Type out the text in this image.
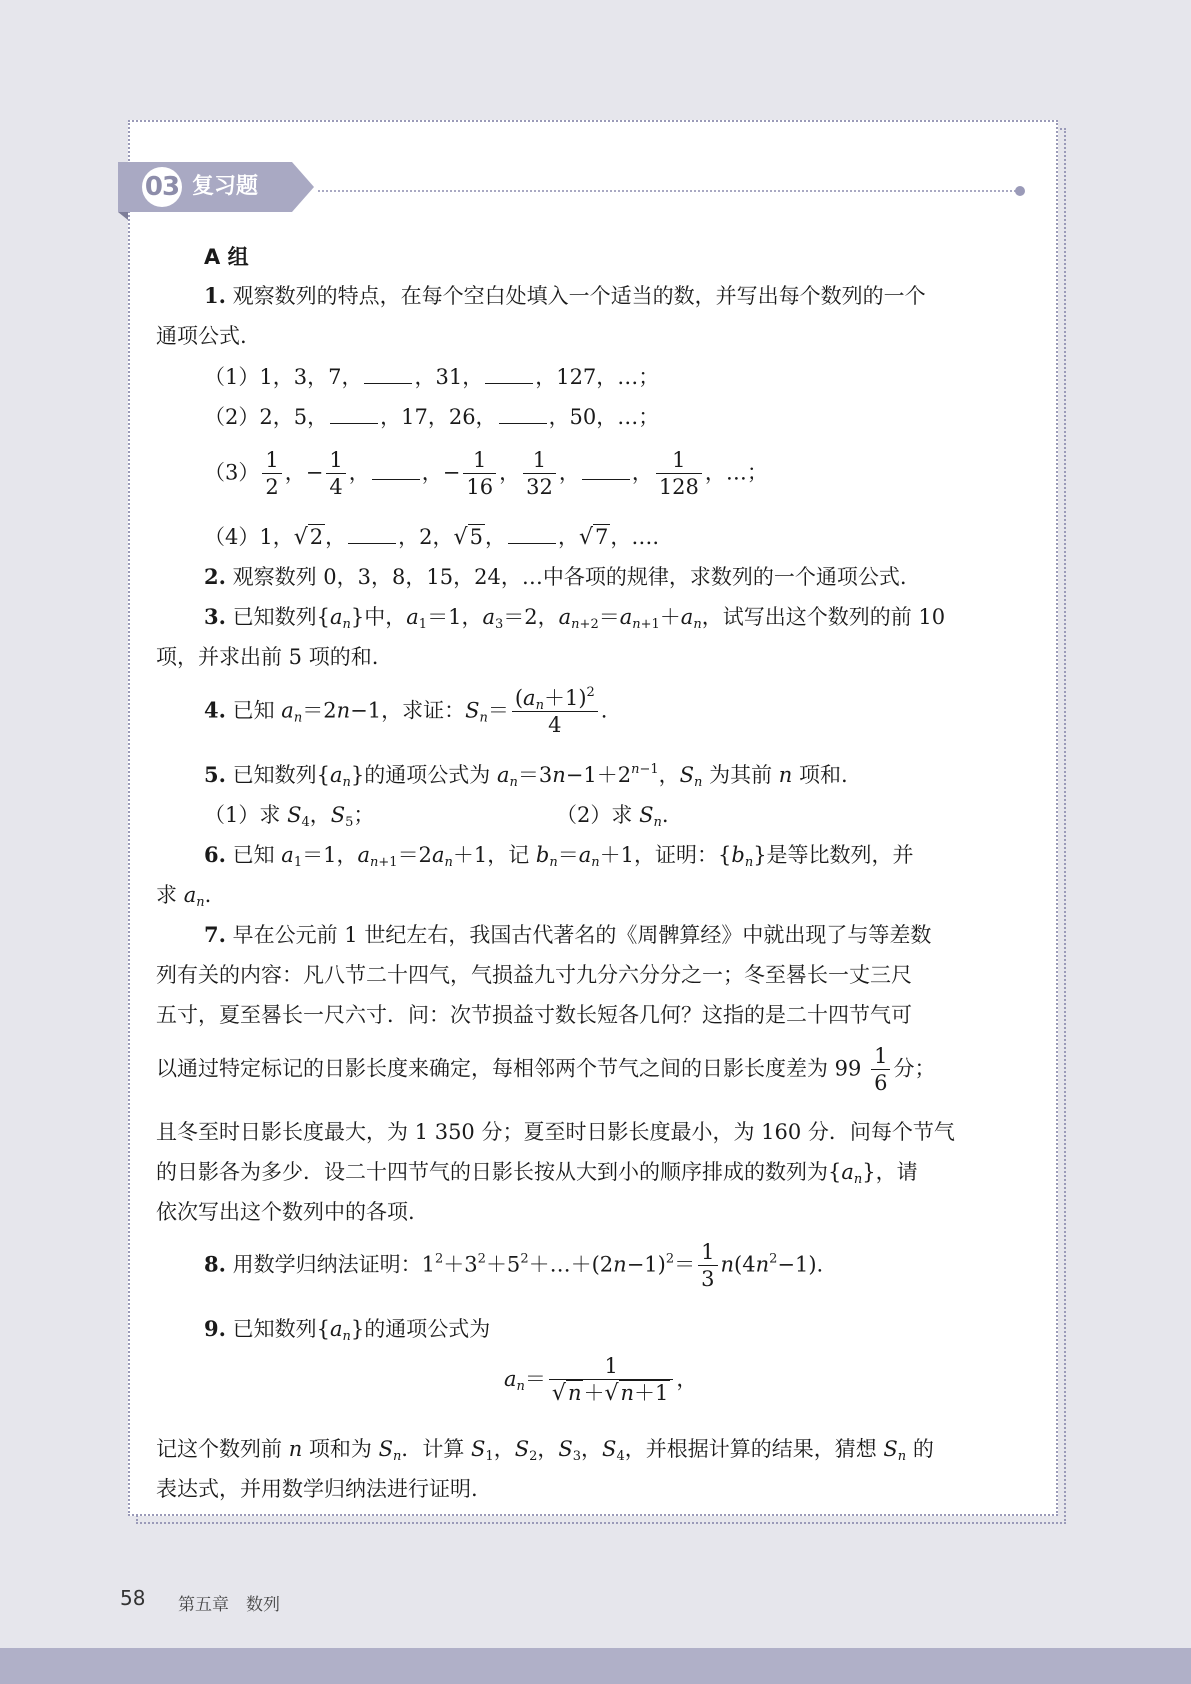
03 复习题
A 组
1. 观察数列的特点，在每个空白处填入一个适当的数，并写出每个数列的一个
通项公式.
（1）1，3，7， ，31， ，127，…；
（2）2，5， ，17，26， ，50，…；
$(3) \frac{1}{2}$ ，− $\frac{1}{4}$ ， ，− $\frac{1}{16}$ ， $\frac{1}{32}$ ， ， $\frac{1}{128}$ ，…；
（4）1，√2， ，2，√5， ，√7，….
2. 观察数列 0，3，8，15，24，…中各项的规律，求数列的一个通项公式.
3. 已知数列$\{a_n\}$中，$a_1=1$，$a_3=2$，$a_{n+2}=a_{n+1}+a_n$，试写出这个数列的前 10
项，并求出前 5 项的和.
4. 已知 $a_n=2n-1$，求证：$S_n= \frac{(a_n+1)^2}{4}$ .
5. 已知数列$\{a_n\}$的通项公式为 $a_n=3n-1+2^{n-1}$，$S_n$ 为其前 n 项和.
（1）求 $S_4$，$S_5$；	（2）求 $S_n$.
6. 已知 $a_1=1$，$a_{n+1}=2a_n+1$，记 $b_n=a_n+1$，证明：$\{b_n\}$是等比数列，并
求 $a_n$.
7. 早在公元前 1 世纪左右，我国古代著名的《周髀算经》中就出现了与等差数
列有关的内容：凡八节二十四气，气损益九寸九分六分分之一；冬至晷长一丈三尺
五寸，夏至晷长一尺六寸．问：次节损益寸数长短各几何？这指的是二十四节气可
以通过特定标记的日影长度来确定，每相邻两个节气之间的日影长度差为 $99 \frac{1}{6}$ 分；
且冬至时日影长度最大，为 1 350 分；夏至时日影长度最小，为 160 分．问每个节气
的日影各为多少．设二十四节气的日影长按从大到小的顺序排成的数列为$\{a_n\}$，请
依次写出这个数列中的各项.
8. 用数学归纳法证明：$1^2+3^2+5^2+\dots+(2n-1)^2= \frac{1}{3} n(4n^2-1)$.
9. 已知数列$\{a_n\}$的通项公式为
$a_n= \frac{1}{√n+√n+1}$ ，
记这个数列前 n 项和为 $S_n$．计算 $S_1$，$S_2$，$S_3$，$S_4$，并根据计算的结果，猜想 $S_n$ 的
表达式，并用数学归纳法进行证明.
58 第五章　数列
